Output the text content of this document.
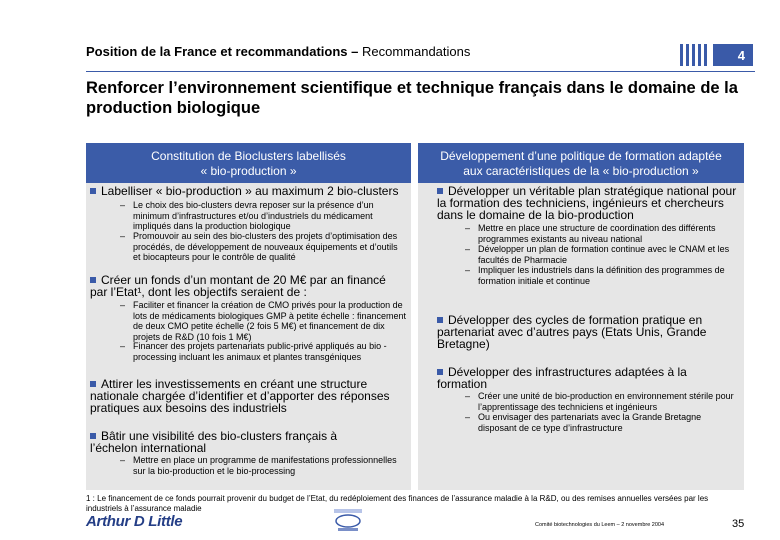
Position de la France et recommandations – Recommandations	4
Renforcer l’environnement scientifique et technique français dans le domaine de la production biologique
Constitution de Bioclusters labellisés
« bio-production »
Développement d’une politique de formation adaptée
aux caractéristiques de la « bio-production »
Labelliser « bio-production » au maximum 2 bio-clusters
– Le choix des bio-clusters devra reposer sur la présence d’un minimum d’infrastructures et/ou d’industriels du médicament impliqués dans la production biologique
– Promouvoir au sein des bio-clusters des projets d’optimisation des procédés, de développement de nouveaux équipements et d’outils et biocapteurs pour le contrôle de qualité
Créer un fonds d’un montant de 20 M€ par an financé par l’Etat¹, dont les objectifs seraient de :
– Faciliter et financer la création de CMO privés pour la production de lots de médicaments biologiques GMP à petite échelle : financement de deux CMO petite échelle (2 fois 5 M€) et financement de dix projets de R&D (10 fois 1 M€)
– Financer des projets partenariats public-privé appliqués au bio -processing incluant les animaux et plantes transgéniques
Attirer les investissements en créant une structure nationale chargée d’identifier et d’apporter des réponses pratiques aux besoins des industriels
Bâtir une visibilité des bio-clusters français à l’échelon international
– Mettre en place un programme de manifestations professionnelles sur la bio-production et le bio-processing
Développer un véritable plan stratégique national pour la formation des techniciens, ingénieurs et chercheurs dans le domaine de la bio-production
– Mettre en place une structure de coordination des différents programmes existants au niveau national
– Développer un plan de formation continue avec le CNAM et les facultés de Pharmacie
– Impliquer les industriels dans la définition des programmes de formation initiale et continue
Développer des cycles de formation pratique en partenariat avec d’autres pays (Etats Unis, Grande Bretagne)
Développer des infrastructures adaptées à la formation
– Créer une unité de bio-production en environnement stérile pour l’apprentissage des techniciens et ingénieurs
– Ou envisager des partenariats avec la Grande Bretagne disposant de ce type d’infrastructure
1 : Le financement de ce fonds pourrait provenir du budget de l’Etat, du redéploiement des finances de l’assurance maladie à la R&D, ou des remises annuelles versées par les industriels à l’assurance maladie
Arthur D Little	Comité biotechnologies du Leem – 2 novembre 2004	35
